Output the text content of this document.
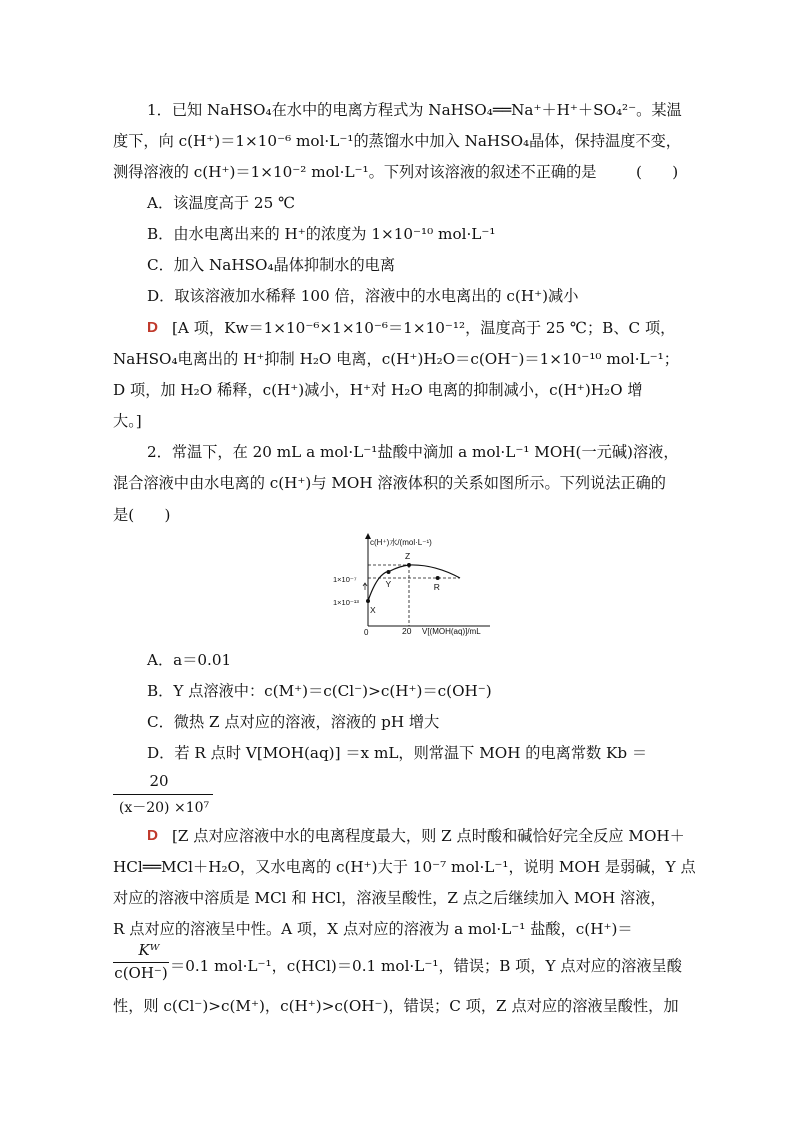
1．已知 NaHSO₄在水中的电离方程式为 NaHSO₄══Na⁺＋H⁺＋SO₄²⁻。某温
度下，向 c(H⁺)＝1×10⁻⁶ mol·L⁻¹的蒸馏水中加入 NaHSO₄晶体，保持温度不变，
测得溶液的 c(H⁺)＝1×10⁻² mol·L⁻¹。下列对该溶液的叙述不正确的是	(　　)
A．该温度高于 25 ℃
B．由水电离出来的 H⁺的浓度为 1×10⁻¹⁰ mol·L⁻¹
C．加入 NaHSO₄晶体抑制水的电离
D．取该溶液加水稀释 100 倍，溶液中的水电离出的 c(H⁺)减小
D [A 项，Kw＝1×10⁻⁶×1×10⁻⁶＝1×10⁻¹²，温度高于 25 ℃；B、C 项，
NaHSO₄电离出的 H⁺抑制 H₂O 电离，c(H⁺)H₂O＝c(OH⁻)＝1×10⁻¹⁰ mol·L⁻¹；
D 项，加 H₂O 稀释，c(H⁺)减小，H⁺对 H₂O 电离的抑制减小，c(H⁺)H₂O 增
大。]
2．常温下，在 20 mL a mol·L⁻¹盐酸中滴加 a mol·L⁻¹ MOH(一元碱)溶液，
混合溶液中由水电离的 c(H⁺)与 MOH 溶液体积的关系如图所示。下列说法正确的
是(　　)
c(H⁺)水/(mol·L⁻¹)
V[(MOH(aq)]/mL
0	20
1×10⁻⁷
1×10⁻¹³
X
Y
Z
R
A．a＝0.01
B．Y 点溶液中：c(M⁺)＝c(Cl⁻)>c(H⁺)＝c(OH⁻)
C．微热 Z 点对应的溶液，溶液的 pH 增大
D．若 R 点时 V[MOH(aq)] ＝x mL，则常温下 MOH 的电离常数 Kb ＝
20
(x－20) ×10⁷
D [Z 点对应溶液中水的电离程度最大，则 Z 点时酸和碱恰好完全反应 MOH＋
HCl══MCl＋H₂O，又水电离的 c(H⁺)大于 10⁻⁷ mol·L⁻¹，说明 MOH 是弱碱，Y 点
对应的溶液中溶质是 MCl 和 HCl，溶液呈酸性，Z 点之后继续加入 MOH 溶液，
R 点对应的溶液呈中性。A 项，X 点对应的溶液为 a mol·L⁻¹ 盐酸，c(H⁺)＝
Kᵂ
c(OH⁻) ＝0.1 mol·L⁻¹，c(HCl)＝0.1 mol·L⁻¹，错误；B 项，Y 点对应的溶液呈酸
性，则 c(Cl⁻)>c(M⁺)，c(H⁺)>c(OH⁻)，错误；C 项，Z 点对应的溶液呈酸性，加
